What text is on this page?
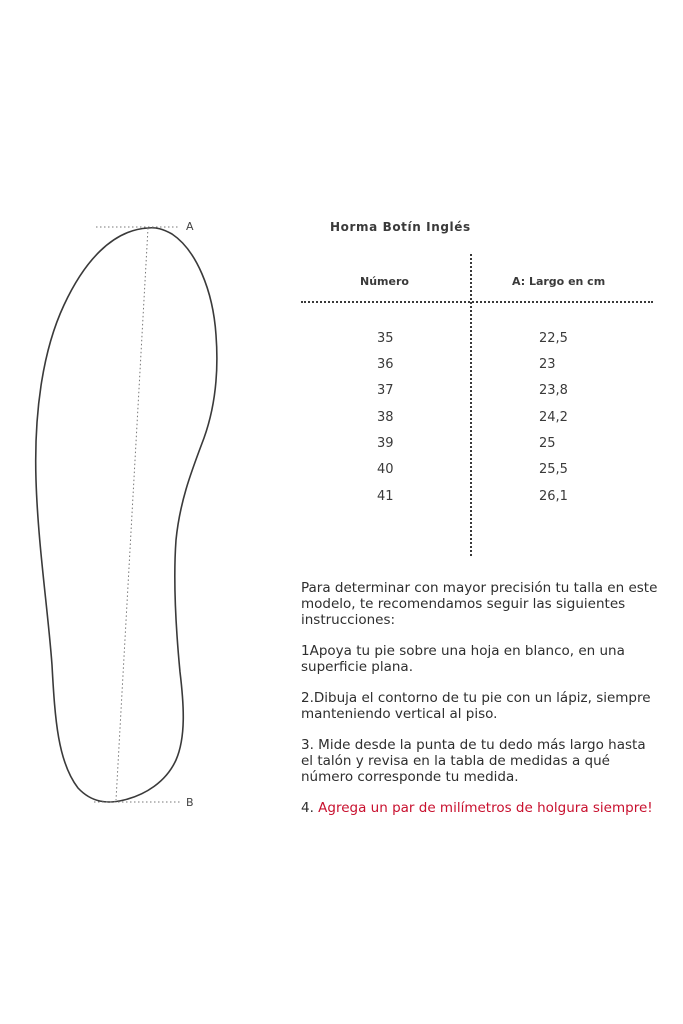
A
B
Horma Botín Inglés
Número	A: Largo en cm
35	22,5
36	23
37	23,8
38	24,2
39	25
40	25,5
41	26,1

Para determinar con mayor precisión tu talla en este modelo, te recomendamos seguir las siguientes instrucciones:

1Apoya tu pie sobre una hoja en blanco, en una superficie plana.

2.Dibuja el contorno de tu pie con un lápiz, siempre manteniendo vertical al piso.

3. Mide desde la punta de tu dedo más largo hasta el talón y revisa en la tabla de medidas a qué número corresponde tu medida.

4. Agrega un par de milímetros de holgura siempre!
